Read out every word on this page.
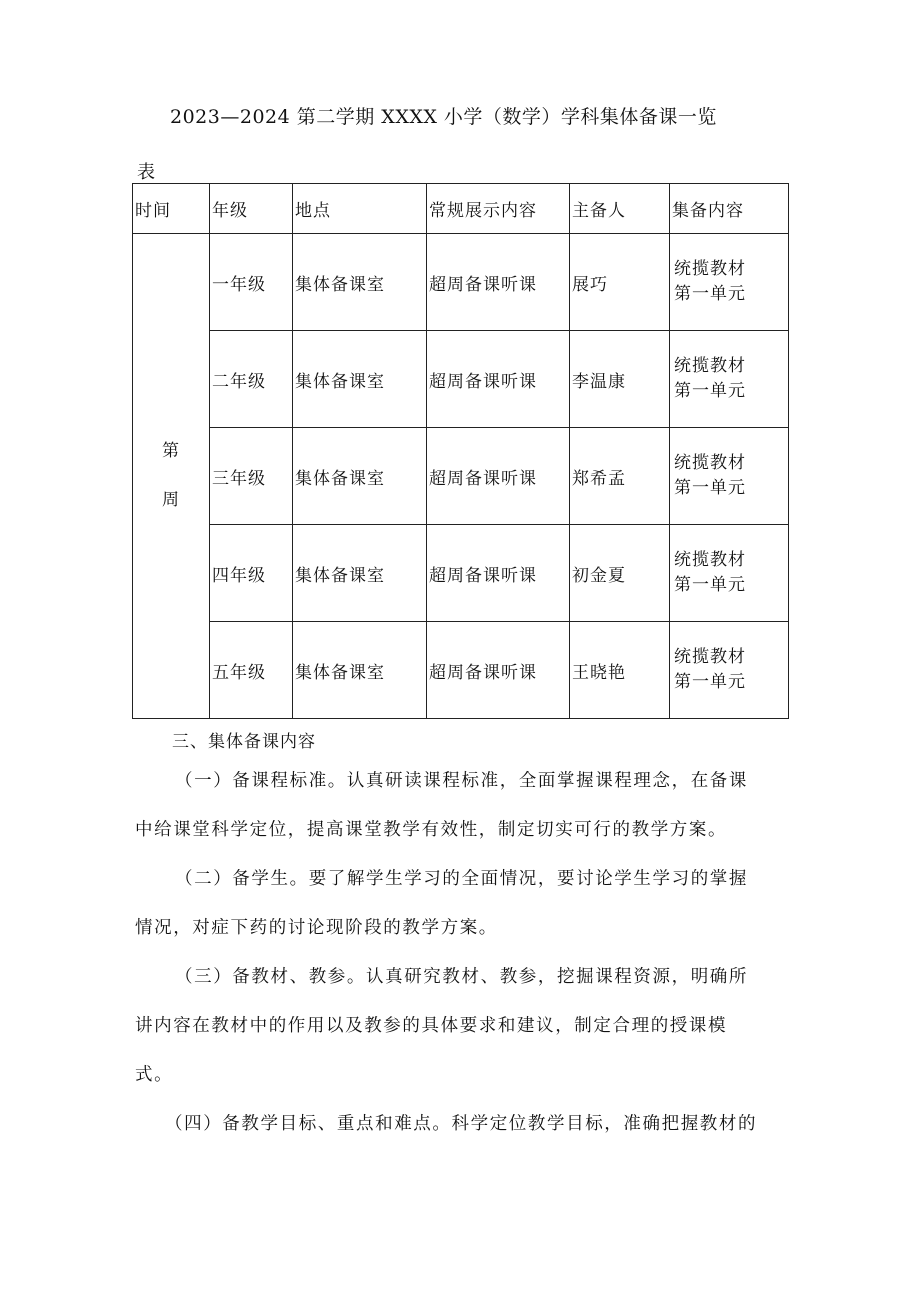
2023—2024 第二学期 XXXX 小学（数学）学科集体备课一览
表
时间	年级	地点	常规展示内容	主备人	集备内容

第
周	一年级	集体备课室	超周备课听课	展巧	统揽教材
第一单元

	二年级	集体备课室	超周备课听课	李温康	统揽教材
第一单元

	三年级	集体备课室	超周备课听课	郑希孟	统揽教材
第一单元

	四年级	集体备课室	超周备课听课	初金夏	统揽教材
第一单元

	五年级	集体备课室	超周备课听课	王晓艳	统揽教材
第一单元
三、集体备课内容
（一）备课程标准。认真研读课程标准，全面掌握课程理念，在备课
中给课堂科学定位，提高课堂教学有效性，制定切实可行的教学方案。
（二）备学生。要了解学生学习的全面情况，要讨论学生学习的掌握
情况，对症下药的讨论现阶段的教学方案。
（三）备教材、教参。认真研究教材、教参，挖掘课程资源，明确所
讲内容在教材中的作用以及教参的具体要求和建议，制定合理的授课模
式。
（四）备教学目标、重点和难点。科学定位教学目标，准确把握教材的
